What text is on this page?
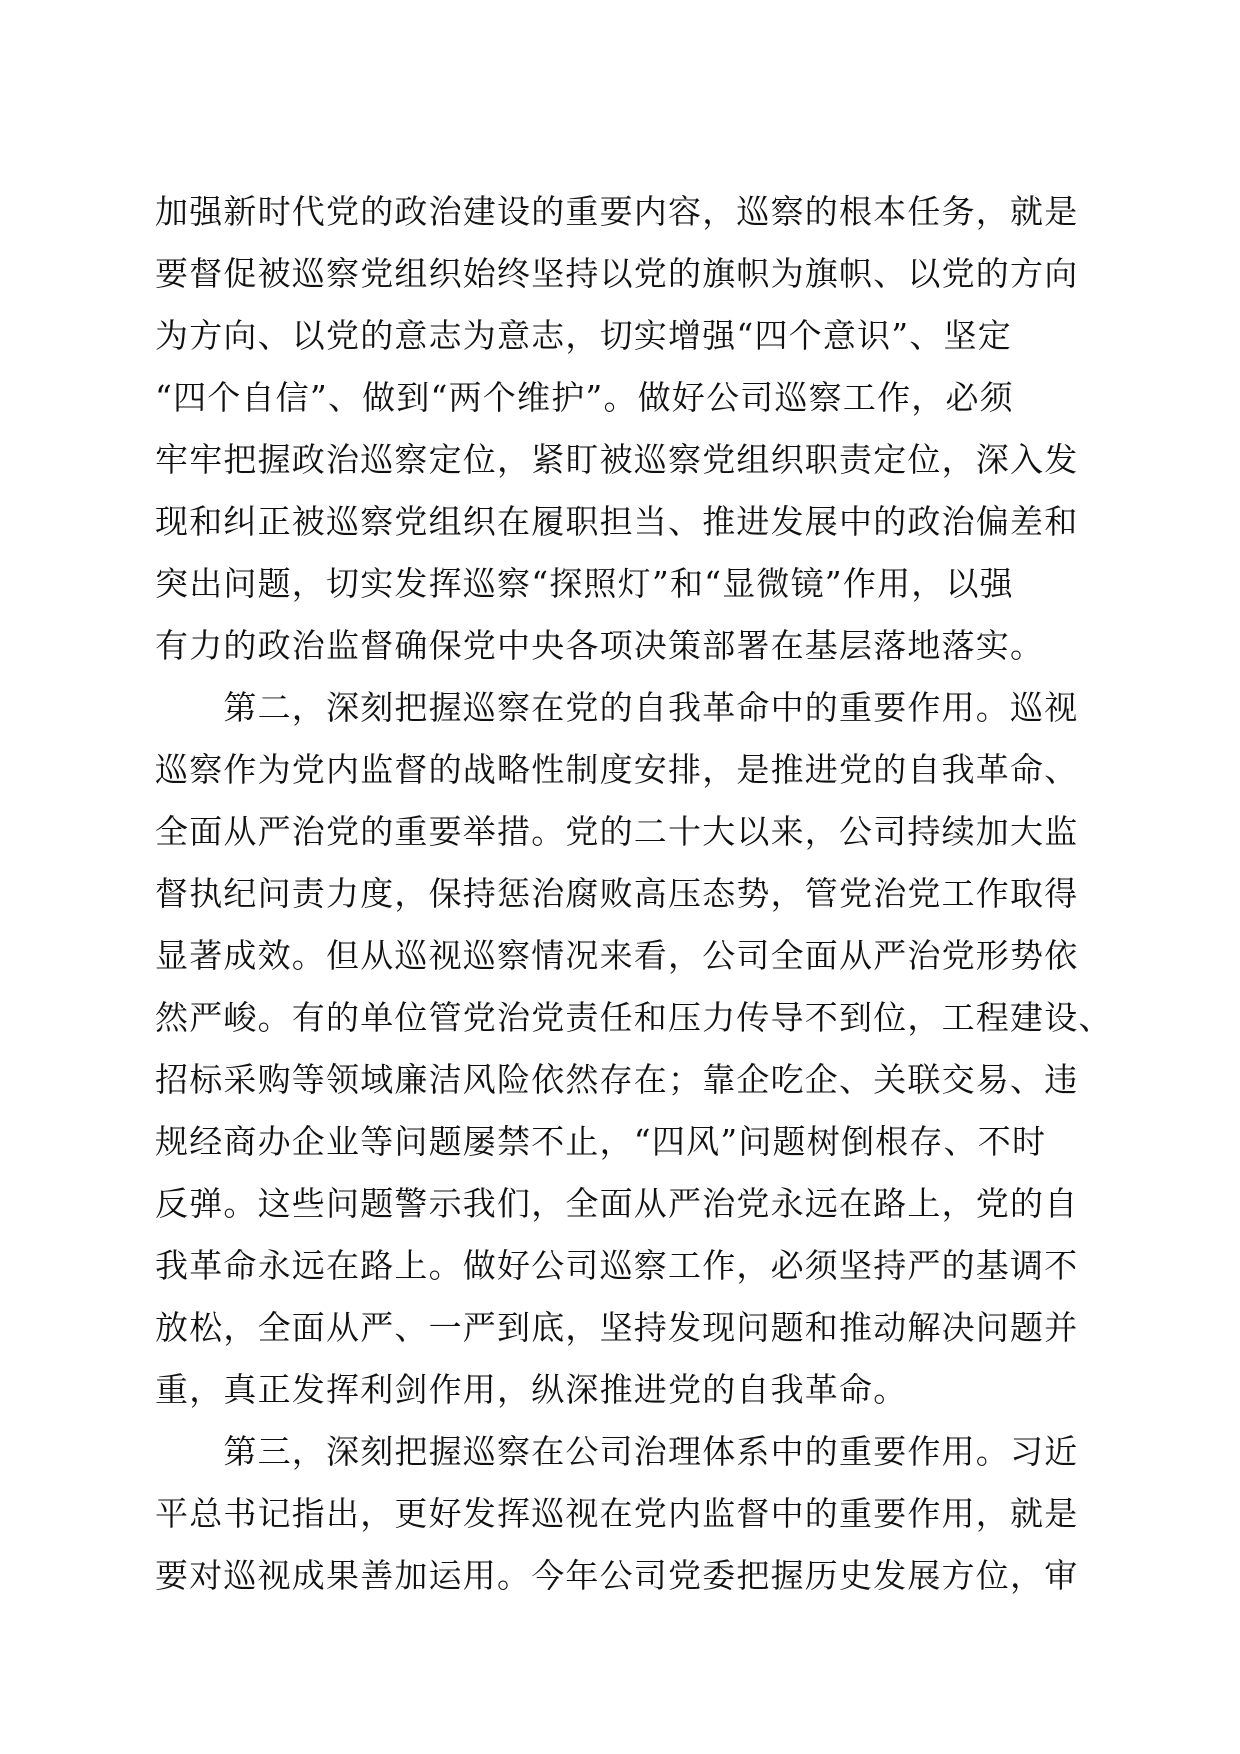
加强新时代党的政治建设的重要内容，巡察的根本任务，就是
要督促被巡察党组织始终坚持以党的旗帜为旗帜、以党的方向
为方向、以党的意志为意志，切实增强“四个意识”、坚定
“四个自信”、做到“两个维护”。做好公司巡察工作，必须
牢牢把握政治巡察定位，紧盯被巡察党组织职责定位，深入发
现和纠正被巡察党组织在履职担当、推进发展中的政治偏差和
突出问题，切实发挥巡察“探照灯”和“显微镜”作用，以强
有力的政治监督确保党中央各项决策部署在基层落地落实。
　　第二，深刻把握巡察在党的自我革命中的重要作用。巡视
巡察作为党内监督的战略性制度安排，是推进党的自我革命、
全面从严治党的重要举措。党的二十大以来，公司持续加大监
督执纪问责力度，保持惩治腐败高压态势，管党治党工作取得
显著成效。但从巡视巡察情况来看，公司全面从严治党形势依
然严峻。有的单位管党治党责任和压力传导不到位，工程建设、
招标采购等领域廉洁风险依然存在；靠企吃企、关联交易、违
规经商办企业等问题屡禁不止，“四风”问题树倒根存、不时
反弹。这些问题警示我们，全面从严治党永远在路上，党的自
我革命永远在路上。做好公司巡察工作，必须坚持严的基调不
放松，全面从严、一严到底，坚持发现问题和推动解决问题并
重，真正发挥利剑作用，纵深推进党的自我革命。
　　第三，深刻把握巡察在公司治理体系中的重要作用。习近
平总书记指出，更好发挥巡视在党内监督中的重要作用，就是
要对巡视成果善加运用。今年公司党委把握历史发展方位，审
